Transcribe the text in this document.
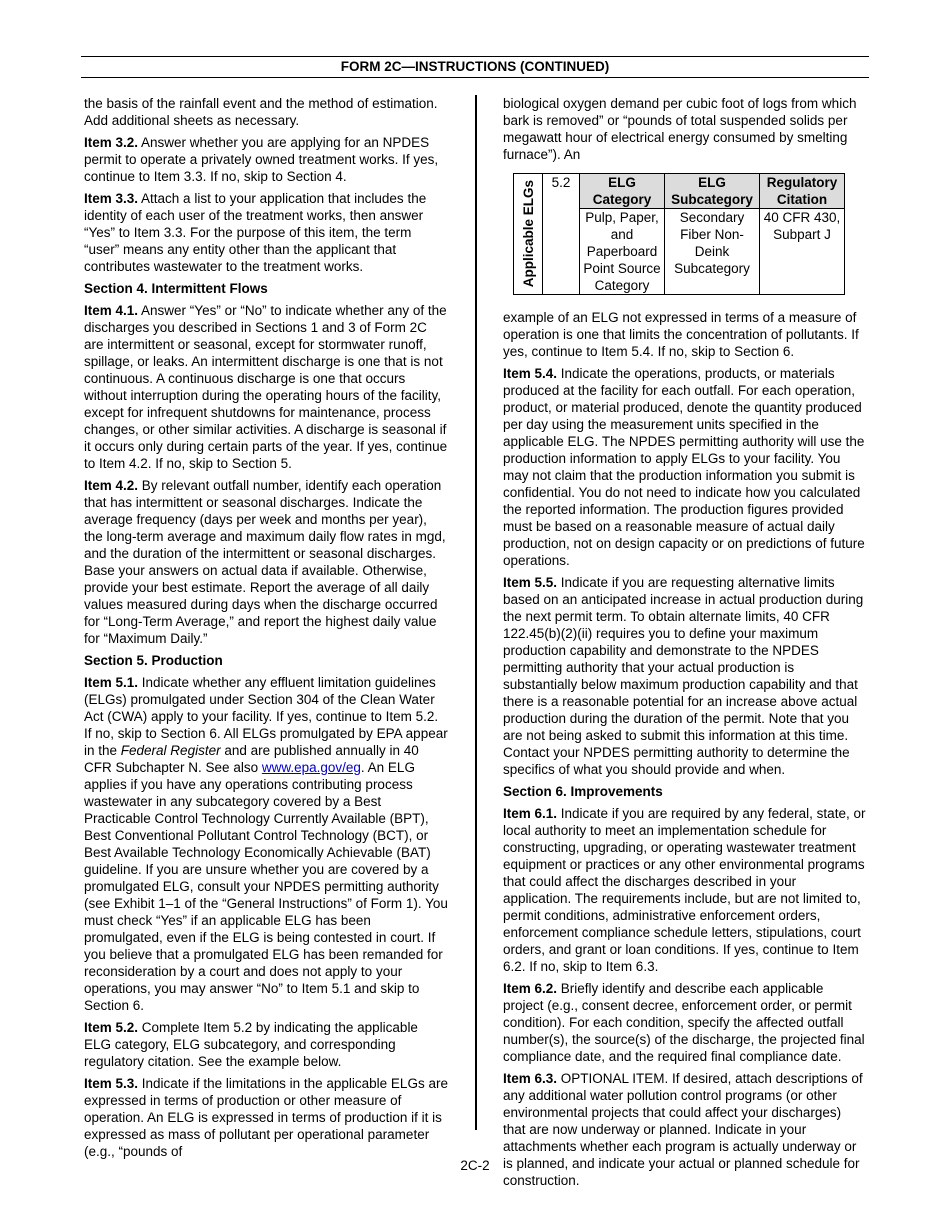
FORM 2C—INSTRUCTIONS (CONTINUED)

the basis of the rainfall event and the method of estimation. Add additional sheets as necessary.

Item 3.2. Answer whether you are applying for an NPDES permit to operate a privately owned treatment works. If yes, continue to Item 3.3. If no, skip to Section 4.

Item 3.3. Attach a list to your application that includes the identity of each user of the treatment works, then answer “Yes” to Item 3.3. For the purpose of this item, the term “user” means any entity other than the applicant that contributes wastewater to the treatment works.

Section 4. Intermittent Flows

Item 4.1. Answer “Yes” or “No” to indicate whether any of the discharges you described in Sections 1 and 3 of Form 2C are intermittent or seasonal, except for stormwater runoff, spillage, or leaks. An intermittent discharge is one that is not continuous. A continuous discharge is one that occurs without interruption during the operating hours of the facility, except for infrequent shutdowns for maintenance, process changes, or other similar activities. A discharge is seasonal if it occurs only during certain parts of the year. If yes, continue to Item 4.2. If no, skip to Section 5.

Item 4.2. By relevant outfall number, identify each operation that has intermittent or seasonal discharges. Indicate the average frequency (days per week and months per year), the long-term average and maximum daily flow rates in mgd, and the duration of the intermittent or seasonal discharges. Base your answers on actual data if available. Otherwise, provide your best estimate. Report the average of all daily values measured during days when the discharge occurred for “Long-Term Average,” and report the highest daily value for “Maximum Daily.”

Section 5. Production

Item 5.1. Indicate whether any effluent limitation guidelines (ELGs) promulgated under Section 304 of the Clean Water Act (CWA) apply to your facility. If yes, continue to Item 5.2. If no, skip to Section 6. All ELGs promulgated by EPA appear in the Federal Register and are published annually in 40 CFR Subchapter N. See also www.epa.gov/eg. An ELG applies if you have any operations contributing process wastewater in any subcategory covered by a Best Practicable Control Technology Currently Available (BPT), Best Conventional Pollutant Control Technology (BCT), or Best Available Technology Economically Achievable (BAT) guideline. If you are unsure whether you are covered by a promulgated ELG, consult your NPDES permitting authority (see Exhibit 1–1 of the “General Instructions” of Form 1). You must check “Yes” if an applicable ELG has been promulgated, even if the ELG is being contested in court. If you believe that a promulgated ELG has been remanded for reconsideration by a court and does not apply to your operations, you may answer “No” to Item 5.1 and skip to Section 6.

Item 5.2. Complete Item 5.2 by indicating the applicable ELG category, ELG subcategory, and corresponding regulatory citation. See the example below.

Item 5.3. Indicate if the limitations in the applicable ELGs are expressed in terms of production or other measure of operation. An ELG is expressed in terms of production if it is expressed as mass of pollutant per operational parameter (e.g., “pounds of

biological oxygen demand per cubic foot of logs from which bark is removed” or “pounds of total suspended solids per megawatt hour of electrical energy consumed by smelting furnace”). An

Applicable ELGs	5.2	ELG Category	ELG Subcategory	Regulatory Citation
		Pulp, Paper, and Paperboard Point Source Category	Secondary Fiber Non-Deink Subcategory	40 CFR 430, Subpart J

example of an ELG not expressed in terms of a measure of operation is one that limits the concentration of pollutants. If yes, continue to Item 5.4. If no, skip to Section 6.

Item 5.4. Indicate the operations, products, or materials produced at the facility for each outfall. For each operation, product, or material produced, denote the quantity produced per day using the measurement units specified in the applicable ELG. The NPDES permitting authority will use the production information to apply ELGs to your facility. You may not claim that the production information you submit is confidential. You do not need to indicate how you calculated the reported information. The production figures provided must be based on a reasonable measure of actual daily production, not on design capacity or on predictions of future operations.

Item 5.5. Indicate if you are requesting alternative limits based on an anticipated increase in actual production during the next permit term. To obtain alternate limits, 40 CFR 122.45(b)(2)(ii) requires you to define your maximum production capability and demonstrate to the NPDES permitting authority that your actual production is substantially below maximum production capability and that there is a reasonable potential for an increase above actual production during the duration of the permit. Note that you are not being asked to submit this information at this time. Contact your NPDES permitting authority to determine the specifics of what you should provide and when.

Section 6. Improvements

Item 6.1. Indicate if you are required by any federal, state, or local authority to meet an implementation schedule for constructing, upgrading, or operating wastewater treatment equipment or practices or any other environmental programs that could affect the discharges described in your application. The requirements include, but are not limited to, permit conditions, administrative enforcement orders, enforcement compliance schedule letters, stipulations, court orders, and grant or loan conditions. If yes, continue to Item 6.2. If no, skip to Item 6.3.

Item 6.2. Briefly identify and describe each applicable project (e.g., consent decree, enforcement order, or permit condition). For each condition, specify the affected outfall number(s), the source(s) of the discharge, the projected final compliance date, and the required final compliance date.

Item 6.3. OPTIONAL ITEM. If desired, attach descriptions of any additional water pollution control programs (or other environmental projects that could affect your discharges) that are now underway or planned. Indicate in your attachments whether each program is actually underway or is planned, and indicate your actual or planned schedule for construction.

2C-2
